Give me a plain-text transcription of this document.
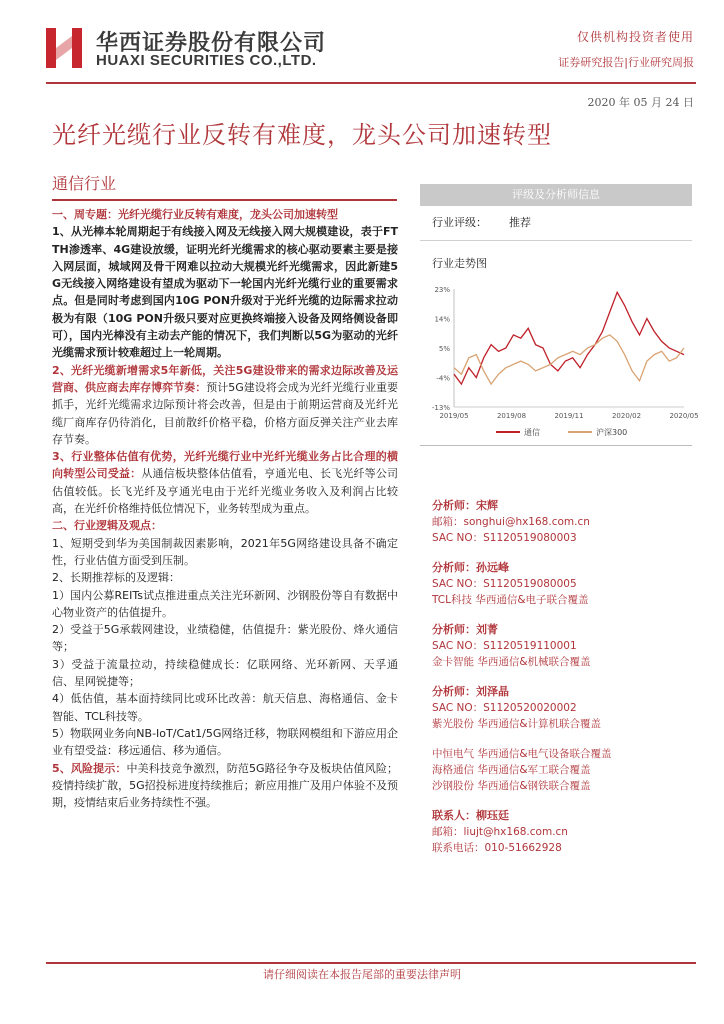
华西证券股份有限公司
HUAXI SECURITIES CO.,LTD.
仅供机构投资者使用
证券研究报告|行业研究周报
2020 年 05 月 24 日
光纤光缆行业反转有难度，龙头公司加速转型
通信行业
一、周专题：光纤光缆行业反转有难度，龙头公司加速转型
1、从光棒本轮周期起于有线接入网及无线接入网大规模建设，表于FTTH渗透率、4G建设放缓，证明光纤光缆需求的核心驱动要素主要是接入网层面，城域网及骨干网难以拉动大规模光纤光缆需求，因此新建5G无线接入网络建设有望成为驱动下一轮国内光纤光缆行业的重要需求点。但是同时考虑到国内10G PON升级对于光纤光缆的边际需求拉动极为有限（10G PON升级只要对应更换终端接入设备及网络侧设备即可），国内光棒没有主动去产能的情况下，我们判断以5G为驱动的光纤光缆需求预计较难超过上一轮周期。
2、光纤光缆新增需求5年新低，关注5G建设带来的需求边际改善及运营商、供应商去库存博弈节奏：预计5G建设将会成为光纤光缆行业重要抓手，光纤光缆需求边际预计将会改善，但是由于前期运营商及光纤光缆厂商库存仍待消化，目前散纤价格平稳，价格方面反弹关注产业去库存节奏。
3、行业整体估值有优势，光纤光缆行业中光纤光缆业务占比合理的横向转型公司受益：从通信板块整体估值看，亨通光电、长飞光纤等公司估值较低。长飞光纤及亨通光电由于光纤光缆业务收入及利润占比较高，在光纤价格维持低位情况下，业务转型成为重点。
二、行业逻辑及观点：
1、短期受到华为美国制裁因素影响，2021年5G网络建设具备不确定性，行业估值方面受到压制。
2、长期推荐标的及逻辑：
1）国内公募REITs试点推进重点关注光环新网、沙钢股份等自有数据中心物业资产的估值提升。
2）受益于5G承载网建设，业绩稳健，估值提升：紫光股份、烽火通信等；
3）受益于流量拉动，持续稳健成长：亿联网络、光环新网、天孚通信、星网锐捷等；
4）低估值，基本面持续同比或环比改善：航天信息、海格通信、金卡智能、TCL科技等。
5）物联网业务向NB-IoT/Cat1/5G网络迁移，物联网模组和下游应用企业有望受益：移远通信、移为通信。
5、风险提示：中美科技竞争激烈，防范5G路径争夺及板块估值风险；疫情持续扩散，5G招投标进度持续推后；新应用推广及用户体验不及预期，疫情结束后业务持续性不强。
评级及分析师信息
行业评级： 推荐
行业走势图
23%
14%
5%
-4%
-13%
2019/05	2019/08	2019/11	2020/02	2020/05
通信	沪深300
分析师：宋辉
邮箱：songhui@hx168.com.cn
SAC NO：S1120519080003
分析师：孙远峰
SAC NO：S1120519080005
TCL科技 华西通信&电子联合覆盖
分析师：刘菁
SAC NO：S1120519110001
金卡智能 华西通信&机械联合覆盖
分析师：刘泽晶
SAC NO：S1120520020002
紫光股份 华西通信&计算机联合覆盖
中恒电气 华西通信&电气设备联合覆盖
海格通信 华西通信&军工联合覆盖
沙钢股份 华西通信&钢铁联合覆盖
联系人：柳珏廷
邮箱：liujt@hx168.com.cn
联系电话：010-51662928
请仔细阅读在本报告尾部的重要法律声明
